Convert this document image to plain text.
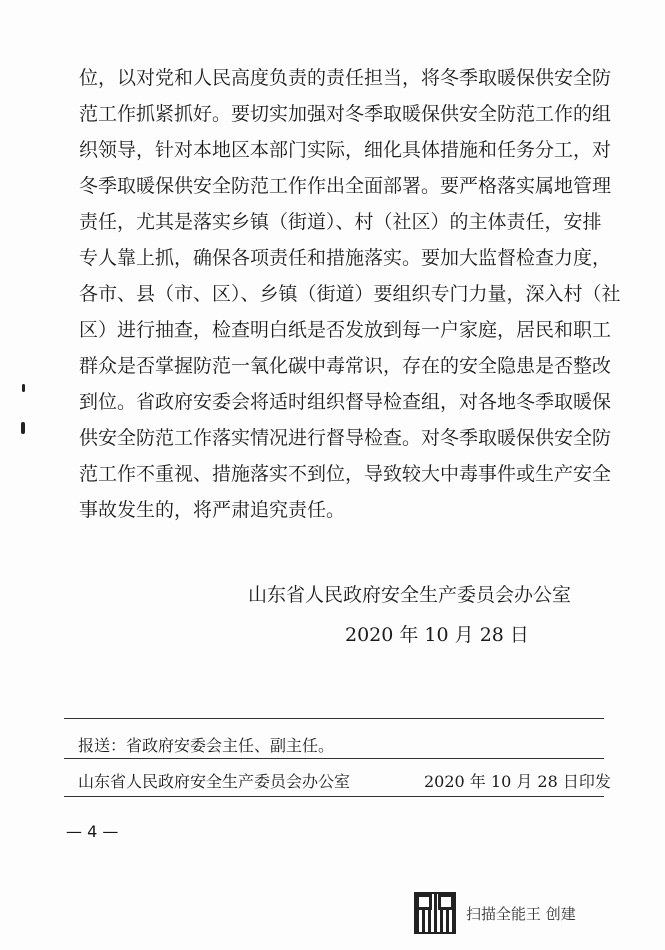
位，以对党和人民高度负责的责任担当，将冬季取暖保供安全防
范工作抓紧抓好。要切实加强对冬季取暖保供安全防范工作的组
织领导，针对本地区本部门实际，细化具体措施和任务分工，对
冬季取暖保供安全防范工作作出全面部署。要严格落实属地管理
责任，尤其是落实乡镇（街道）、村（社区）的主体责任，安排
专人靠上抓，确保各项责任和措施落实。要加大监督检查力度，
各市、县（市、区）、乡镇（街道）要组织专门力量，深入村（社
区）进行抽查，检查明白纸是否发放到每一户家庭，居民和职工
群众是否掌握防范一氧化碳中毒常识，存在的安全隐患是否整改
到位。省政府安委会将适时组织督导检查组，对各地冬季取暖保
供安全防范工作落实情况进行督导检查。对冬季取暖保供安全防
范工作不重视、措施落实不到位，导致较大中毒事件或生产安全
事故发生的，将严肃追究责任。
山东省人民政府安全生产委员会办公室
2020 年 10 月 28 日
报送：省政府安委会主任、副主任。
山东省人民政府安全生产委员会办公室	2020 年 10 月 28 日印发
— 4 —
扫描全能王 创建
